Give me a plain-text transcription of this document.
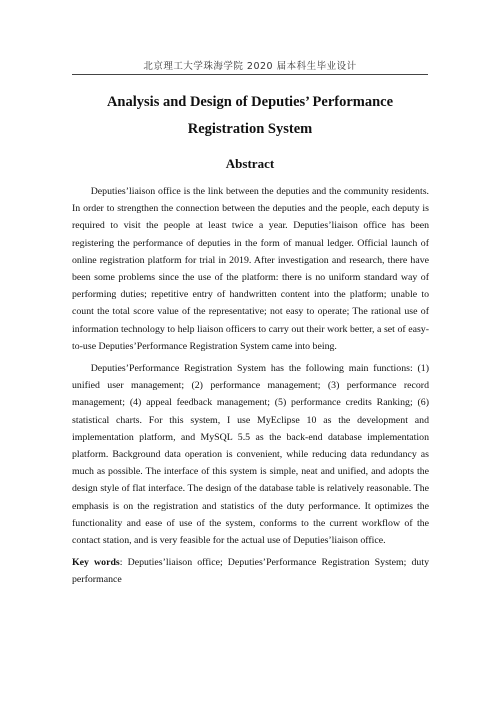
北京理工大学珠海学院 2020 届本科生毕业设计
Analysis and Design of Deputies’ Performance
Registration System
Abstract

Deputies’liaison office is the link between the deputies and the community residents. In order to strengthen the connection between the deputies and the people, each deputy is required to visit the people at least twice a year. Deputies’liaison office has been registering the performance of deputies in the form of manual ledger. Official launch of online registration platform for trial in 2019. After investigation and research, there have been some problems since the use of the platform: there is no uniform standard way of performing duties; repetitive entry of handwritten content into the platform; unable to count the total score value of the representative; not easy to operate; The rational use of information technology to help liaison officers to carry out their work better, a set of easy-to-use Deputies’Performance Registration System came into being.

Deputies’Performance Registration System has the following main functions: (1) unified user management; (2) performance management; (3) performance record management; (4) appeal feedback management; (5) performance credits Ranking; (6) statistical charts. For this system, I use MyEclipse 10 as the development and implementation platform, and MySQL 5.5 as the back-end database implementation platform. Background data operation is convenient, while reducing data redundancy as much as possible. The interface of this system is simple, neat and unified, and adopts the design style of flat interface. The design of the database table is relatively reasonable. The emphasis is on the registration and statistics of the duty performance. It optimizes the functionality and ease of use of the system, conforms to the current workflow of the contact station, and is very feasible for the actual use of Deputies’liaison office.

Key words: Deputies’liaison office; Deputies’Performance Registration System; duty performance
